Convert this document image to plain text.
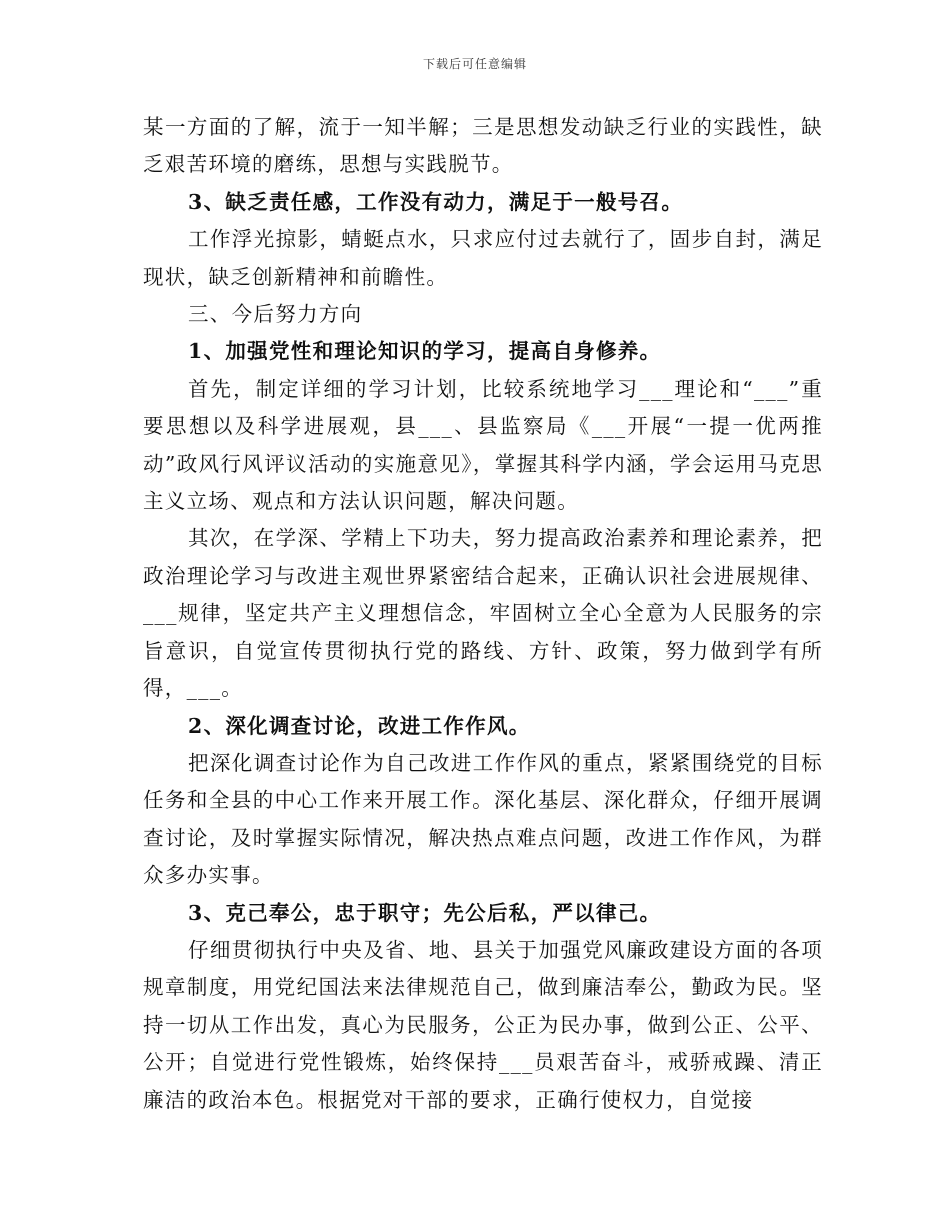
下载后可任意编辑

某一方面的了解，流于一知半解；三是思想发动缺乏行业的实践性，缺乏艰苦环境的磨练，思想与实践脱节。

3、缺乏责任感，工作没有动力，满足于一般号召。

工作浮光掠影，蜻蜓点水，只求应付过去就行了，固步自封，满足现状，缺乏创新精神和前瞻性。

三、今后努力方向

1、加强党性和理论知识的学习，提高自身修养。

首先，制定详细的学习计划，比较系统地学习___理论和“___”重要思想以及科学进展观，县___、县监察局《___开展“一提一优两推动”政风行风评议活动的实施意见》，掌握其科学内涵，学会运用马克思主义立场、观点和方法认识问题，解决问题。

其次，在学深、学精上下功夫，努力提高政治素养和理论素养，把政治理论学习与改进主观世界紧密结合起来，正确认识社会进展规律、___规律，坚定共产主义理想信念，牢固树立全心全意为人民服务的宗旨意识，自觉宣传贯彻执行党的路线、方针、政策，努力做到学有所得，___。

2、深化调查讨论，改进工作作风。

把深化调查讨论作为自己改进工作作风的重点，紧紧围绕党的目标任务和全县的中心工作来开展工作。深化基层、深化群众，仔细开展调查讨论，及时掌握实际情况，解决热点难点问题，改进工作作风，为群众多办实事。

3、克己奉公，忠于职守；先公后私，严以律己。

仔细贯彻执行中央及省、地、县关于加强党风廉政建设方面的各项规章制度，用党纪国法来法律规范自己，做到廉洁奉公，勤政为民。坚持一切从工作出发，真心为民服务，公正为民办事，做到公正、公平、公开；自觉进行党性锻炼，始终保持___员艰苦奋斗，戒骄戒躁、清正廉洁的政治本色。根据党对干部的要求，正确行使权力，自觉接
